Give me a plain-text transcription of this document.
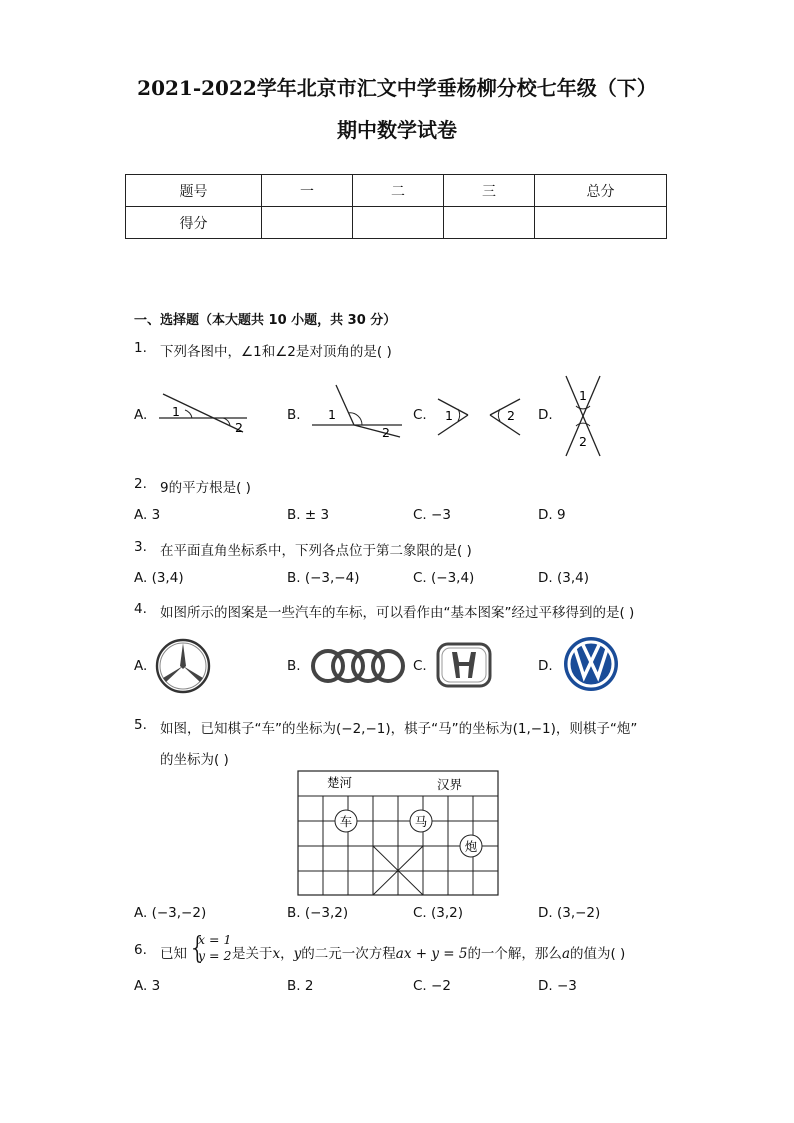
2021-2022学年北京市汇文中学垂杨柳分校七年级（下）
期中数学试卷
题号	一	二	三	总分
得分				
一、选择题（本大题共 10 小题，共 30 分）
1. 下列各图中，∠1和∠2是对顶角的是( )
A. 1
2
B. 1
2
C. 1	2 D.
1
2
2. 9的平方根是( )
A. 3	B. ± 3	C. −3	D. 9
3. 在平面直角坐标系中，下列各点位于第二象限的是( )
A. (3,4)	B. (−3,−4)	C. (−3,4)	D. (3,4)
4. 如图所示的图案是一些汽车的车标，可以看作由“基本图案”经过平移得到的是( )
A.	B.	C.	D.
5. 如图，已知棋子“车”的坐标为(−2,−1)，棋子“马”的坐标为(1,−1)，则棋子“炮”
的坐标为( )
楚河	汉界
车	马
炮
A. (−3,−2)	B. (−3,2)	C. (3,2)	D. (3,−2)
6. 已知 {
x = 1
y = 2 是关于x，y的二元一次方程ax + y = 5的一个解，那么a的值为( )
A. 3	B. 2	C. −2	D. −3
